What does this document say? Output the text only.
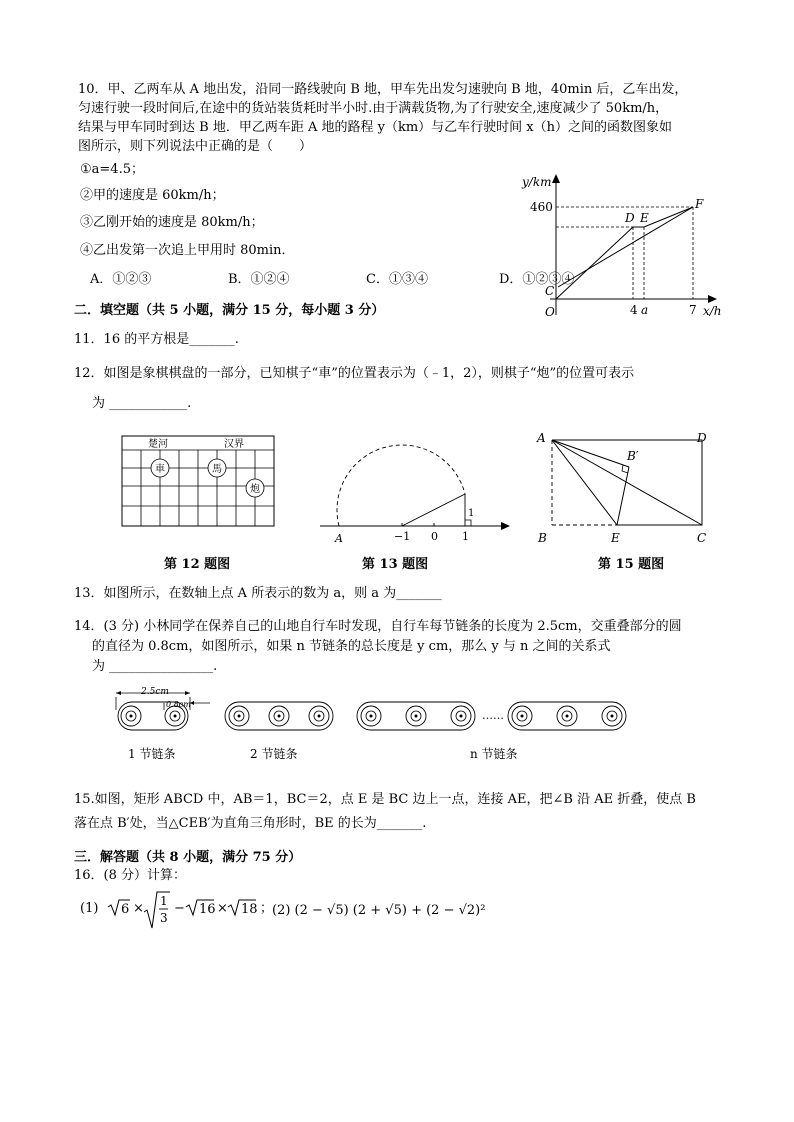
10．甲、乙两车从 A 地出发，沿同一路线驶向 B 地，甲车先出发匀速驶向 B 地，40min 后，乙车出发，
匀速行驶一段时间后,在途中的货站装货耗时半小时.由于满载货物,为了行驶安全,速度减少了 50km/h，
结果与甲车同时到达 B 地．甲乙两车距 A 地的路程 y（km）与乙车行驶时间 x（h）之间的函数图象如
图所示，则下列说法中正确的是（　　）
①a=4.5；
②甲的速度是 60km/h；
③乙刚开始的速度是 80km/h；
④乙出发第一次追上甲用时 80min．
A．①②③	B．①②④	C．①③④	D．①②③④
y/km
x/h
460
O
C
D E
F
4 a	7
二．填空题（共 5 小题，满分 15 分，每小题 3 分）
11．16 的平方根是_______.
12．如图是象棋棋盘的一部分，已知棋子“車”的位置表示为（﹣1，2），则棋子“炮”的位置可表示
为 ____________.
楚河	汉界
車	馬
炮
A	−1 0 1
1
A	D
B′
B	E	C
第 12 题图	第 13 题图	第 15 题图
13．如图所示，在数轴上点 A 所表示的数为 a，则 a 为_______
14．(3 分) 小林同学在保养自己的山地自行车时发现，自行车每节链条的长度为 2.5cm，交重叠部分的圆
的直径为 0.8cm，如图所示，如果 n 节链条的总长度是 y cm，那么 y 与 n 之间的关系式
为 ________________.
2.5cm
0.8cm
……
1 节链条	2 节链条	n 节链条
15.如图，矩形 ABCD 中，AB＝1，BC＝2，点 E 是 BC 边上一点，连接 AE，把∠B 沿 AE 折叠，使点 B
落在点 B′处，当△CEB′为直角三角形时，BE 的长为_______.
三．解答题（共 8 小题，满分 75 分）
16．(8 分）计算：
(1) 6 × 1
3
− 16 × 18 ；
(2) (2 − √5) (2 + √5) + (2 − √2)²
